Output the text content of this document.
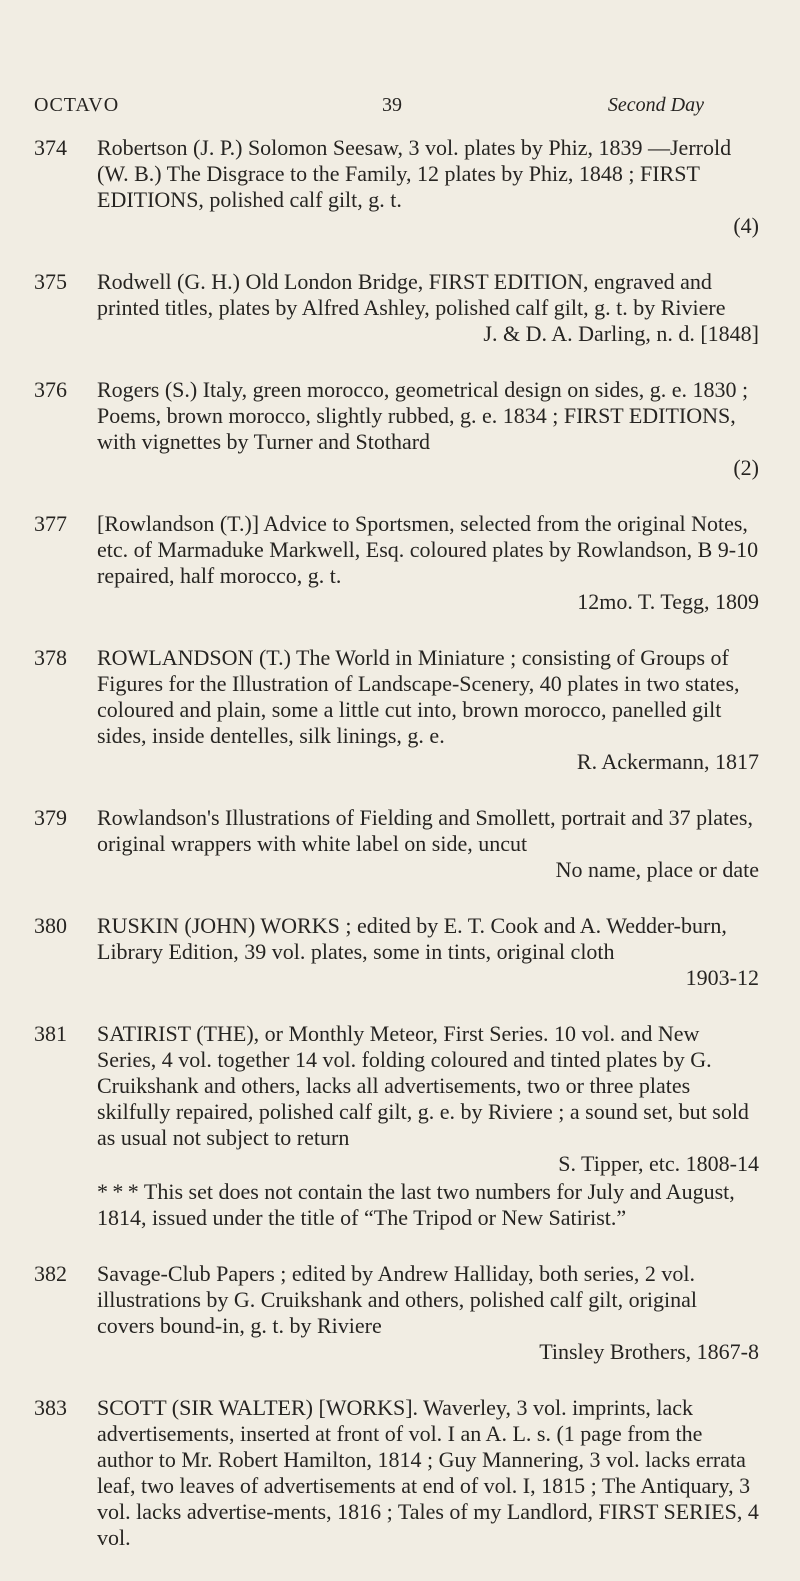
OCTAVO	39	Second Day
374 Robertson (J. P.) Solomon Seesaw, 3 vol. plates by Phiz, 1839 —Jerrold (W. B.) The Disgrace to the Family, 12 plates by Phiz, 1848 ; FIRST EDITIONS, polished calf gilt, g. t.
(4)
375 Rodwell (G. H.) Old London Bridge, FIRST EDITION, engraved and printed titles, plates by Alfred Ashley, polished calf gilt, g. t. by Riviere
J. & D. A. Darling, n. d. [1848]
376 Rogers (S.) Italy, green morocco, geometrical design on sides, g. e. 1830 ; Poems, brown morocco, slightly rubbed, g. e. 1834 ; FIRST EDITIONS, with vignettes by Turner and Stothard
(2)
377 [Rowlandson (T.)] Advice to Sportsmen, selected from the original Notes, etc. of Marmaduke Markwell, Esq. coloured plates by Rowlandson, B 9-10 repaired, half morocco, g. t.
12mo. T. Tegg, 1809
378 ROWLANDSON (T.) The World in Miniature ; consisting of Groups of Figures for the Illustration of Landscape-Scenery, 40 plates in two states, coloured and plain, some a little cut into, brown morocco, panelled gilt sides, inside dentelles, silk linings, g. e.
R. Ackermann, 1817
379 Rowlandson's Illustrations of Fielding and Smollett, portrait and 37 plates, original wrappers with white label on side, uncut
No name, place or date
380 RUSKIN (JOHN) WORKS ; edited by E. T. Cook and A. Wedder-burn, Library Edition, 39 vol. plates, some in tints, original cloth
1903-12
381 SATIRIST (THE), or Monthly Meteor, First Series. 10 vol. and New Series, 4 vol. together 14 vol. folding coloured and tinted plates by G. Cruikshank and others, lacks all advertisements, two or three plates skilfully repaired, polished calf gilt, g. e. by Riviere ; a sound set, but sold as usual not subject to return
S. Tipper, etc. 1808-14
* * * This set does not contain the last two numbers for July and August, 1814, issued under the title of “The Tripod or New Satirist.”
382 Savage-Club Papers ; edited by Andrew Halliday, both series, 2 vol. illustrations by G. Cruikshank and others, polished calf gilt, original covers bound-in, g. t. by Riviere
Tinsley Brothers, 1867-8
383 SCOTT (SIR WALTER) [WORKS]. Waverley, 3 vol. imprints, lack advertisements, inserted at front of vol. I an A. L. s. (1 page from the author to Mr. Robert Hamilton, 1814 ; Guy Mannering, 3 vol. lacks errata leaf, two leaves of advertisements at end of vol. I, 1815 ; The Antiquary, 3 vol. lacks advertise-ments, 1816 ; Tales of my Landlord, FIRST SERIES, 4 vol.
